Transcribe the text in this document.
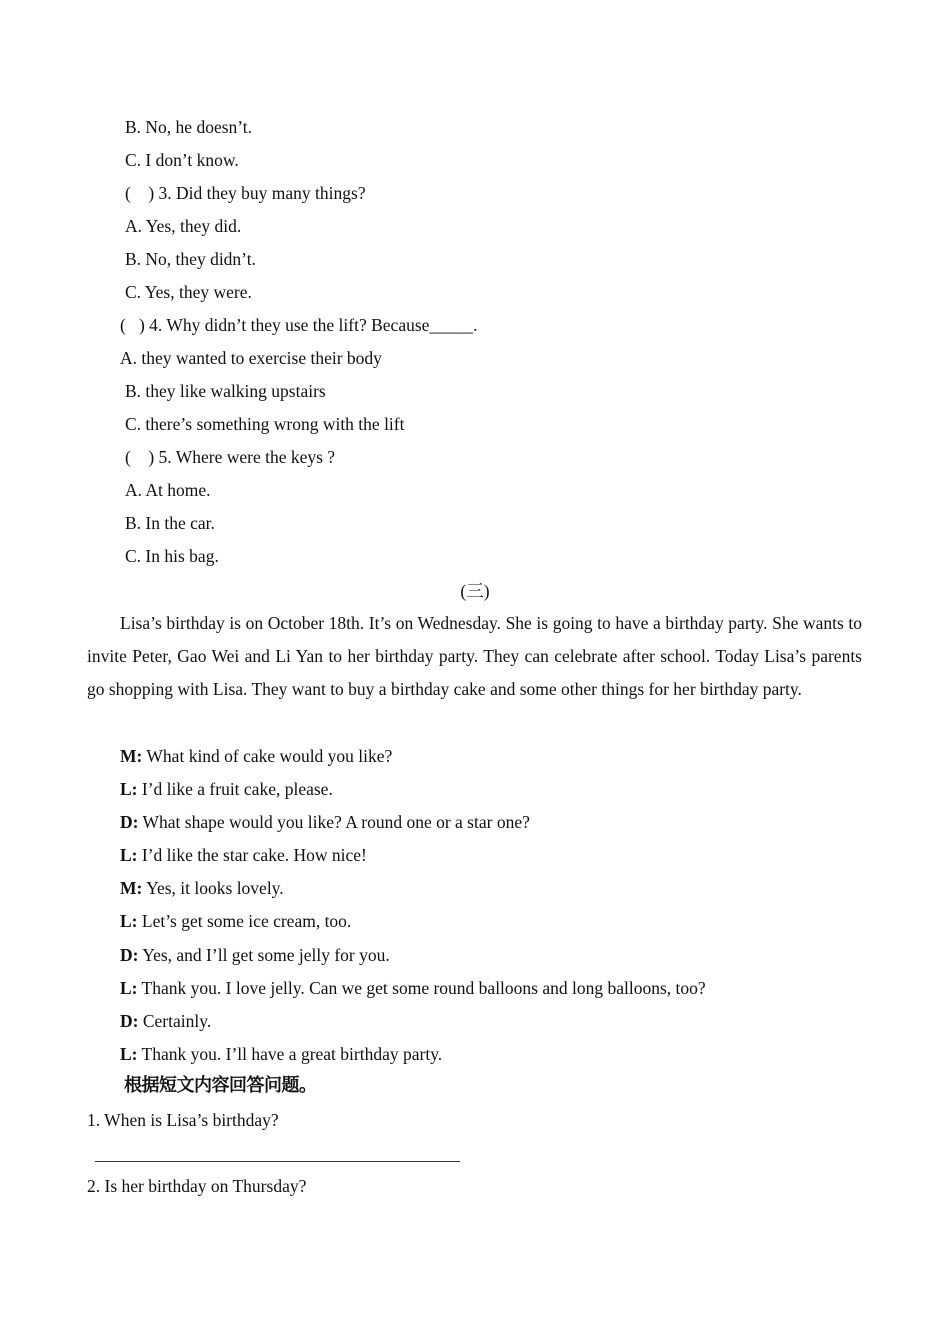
B. No, he doesn’t.
C. I don’t know.
(    ) 3. Did they buy many things?
A. Yes, they did.
B. No, they didn’t.
C. Yes, they were.
(   ) 4. Why didn’t they use the lift? Because_____.
A. they wanted to exercise their body
B. they like walking upstairs
C. there’s something wrong with the lift
(    ) 5. Where were the keys ?
A. At home.
B. In the car.
C. In his bag.
(三)
Lisa’s birthday is on October 18th. It’s on Wednesday. She is going to have a birthday party. She wants to invite Peter, Gao Wei and Li Yan to her birthday party. They can celebrate after school. Today Lisa’s parents go shopping with Lisa. They want to buy a birthday cake and some other things for her birthday party.
M: What kind of cake would you like?
L: I’d like a fruit cake, please.
D: What shape would you like? A round one or a star one?
L: I’d like the star cake. How nice!
M: Yes, it looks lovely.
L: Let’s get some ice cream, too.
D: Yes, and I’ll get some jelly for you.
L: Thank you. I love jelly. Can we get some round balloons and long balloons, too?
D: Certainly.
L: Thank you. I’ll have a great birthday party.
根据短文内容回答问题。
1. When is Lisa’s birthday?
2. Is her birthday on Thursday?
